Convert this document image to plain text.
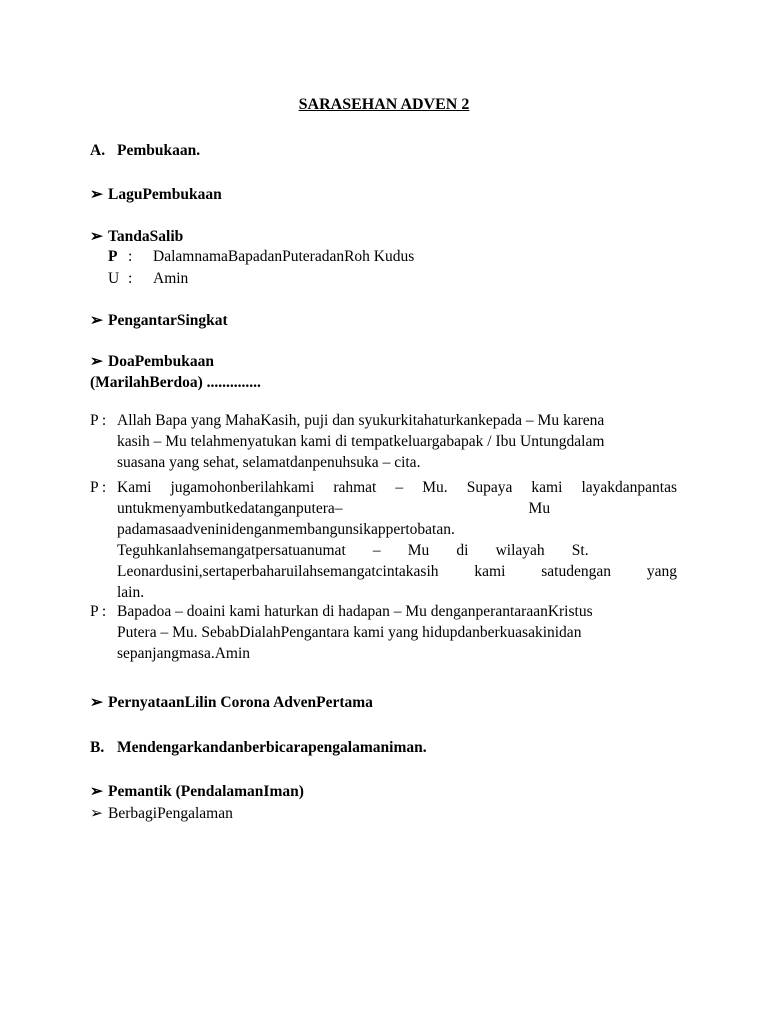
SARASEHAN ADVEN 2
A. Pembukaan.
➢ LaguPembukaan
➢ TandaSalib
P : DalamnamaBapadanPuteradanRoh Kudus
U : Amin
➢ PengantarSingkat
➢ DoaPembukaan
(MarilahBerdoa) ..............
P : Allah Bapa yang MahaKasih, puji dan syukurkitahaturkankepada – Mu karena
kasih – Mu telahmenyatukan kami di tempatkeluargabapak / Ibu Untungdalam
suasana yang sehat, selamatdanpenuhsuka – cita.
P : Kami jugamohonberilahkami rahmat – Mu. Supaya kami layakdanpantas
untukmenyambutkedatanganputera–                                                Mu
padamasaadveninidenganmembangunsikappertobatan.
Teguhkanlahsemangatpersatuanumat       –       Mu       di       wilayah       St.
Leonardusini,sertaperbaharuilahsemangatcintakasih kami satudengan yang
lain.
P : Bapadoa – doaini kami haturkan di hadapan – Mu denganperantaraanKristus
Putera – Mu. SebabDialahPengantara kami yang hidupdanberkuasakinidan
sepanjangmasa.Amin
➢ PernyataanLilin Corona AdvenPertama
B. Mendengarkandanberbicarapengalamaniman.
➢ Pemantik (PendalamanIman)
➢ BerbagiPengalaman
